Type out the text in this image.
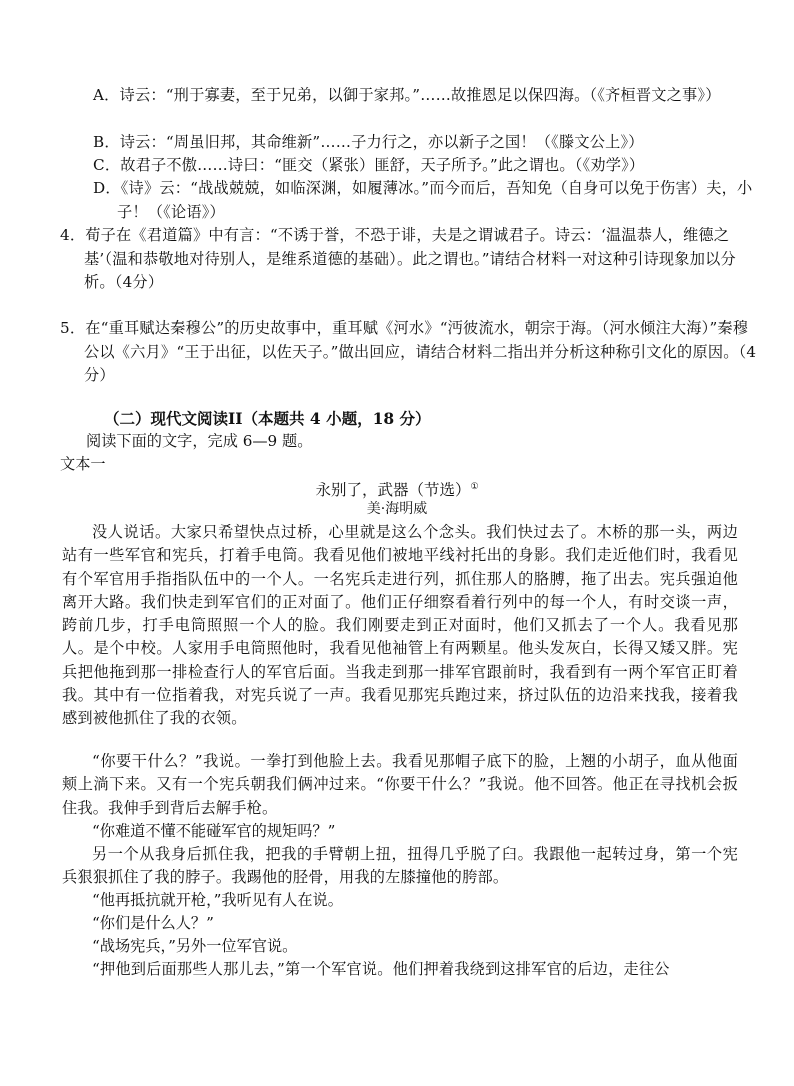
A．诗云：“刑于寡妻，至于兄弟，以御于家邦。”……故推恩足以保四海。（《齐桓晋文之事》）

B．诗云：“周虽旧邦，其命维新”……子力行之，亦以新子之国！（《滕文公上》）

C．故君子不傲……诗曰：“匪交（紧张）匪舒，天子所予。”此之谓也。（《劝学》）

D．《诗》云：“战战兢兢，如临深渊，如履薄冰。”而今而后，吾知免（自身可以免于伤害）夫，小子！（《论语》）

4．荀子在《君道篇》中有言：“不诱于誉，不恐于诽，夫是之谓诚君子。诗云：‘温温恭人，维德之基’（温和恭敬地对待别人，是维系道德的基础）。此之谓也。”请结合材料一对这种引诗现象加以分析。（4分）

5．在“重耳赋达秦穆公”的历史故事中，重耳赋《河水》“沔彼流水，朝宗于海。（河水倾注大海）”秦穆公以《六月》“王于出征，以佐天子。”做出回应，请结合材料二指出并分析这种称引文化的原因。（4分）

（二）现代文阅读II（本题共 4 小题，18 分）

阅读下面的文字，完成 6—9 题。

文本一

永别了，武器（节选）①

美·海明威

没人说话。大家只希望快点过桥，心里就是这么个念头。我们快过去了。木桥的那一头，两边站有一些军官和宪兵，打着手电筒。我看见他们被地平线衬托出的身影。我们走近他们时，我看见有个军官用手指指队伍中的一个人。一名宪兵走进行列，抓住那人的胳膊，拖了出去。宪兵强迫他离开大路。我们快走到军官们的正对面了。他们正仔细察看着行列中的每一个人，有时交谈一声，跨前几步，打手电筒照照一个人的脸。我们刚要走到正对面时，他们又抓去了一个人。我看见那人。是个中校。人家用手电筒照他时，我看见他袖管上有两颗星。他头发灰白，长得又矮又胖。宪兵把他拖到那一排检查行人的军官后面。当我走到那一排军官跟前时，我看到有一两个军官正盯着我。其中有一位指着我，对宪兵说了一声。我看见那宪兵跑过来，挤过队伍的边沿来找我，接着我感到被他抓住了我的衣领。

“你要干什么？”我说。一拳打到他脸上去。我看见那帽子底下的脸，上翘的小胡子，血从他面颊上淌下来。又有一个宪兵朝我们俩冲过来。“你要干什么？”我说。他不回答。他正在寻找机会扳住我。我伸手到背后去解手枪。

“你难道不懂不能碰军官的规矩吗？”

另一个从我身后抓住我，把我的手臂朝上扭，扭得几乎脱了臼。我跟他一起转过身，第一个宪兵狠狠抓住了我的脖子。我踢他的胫骨，用我的左膝撞他的胯部。

“他再抵抗就开枪，”我听见有人在说。

“你们是什么人？”

“战场宪兵，”另外一位军官说。

“押他到后面那些人那儿去，”第一个军官说。他们押着我绕到这排军官的后边，走往公
